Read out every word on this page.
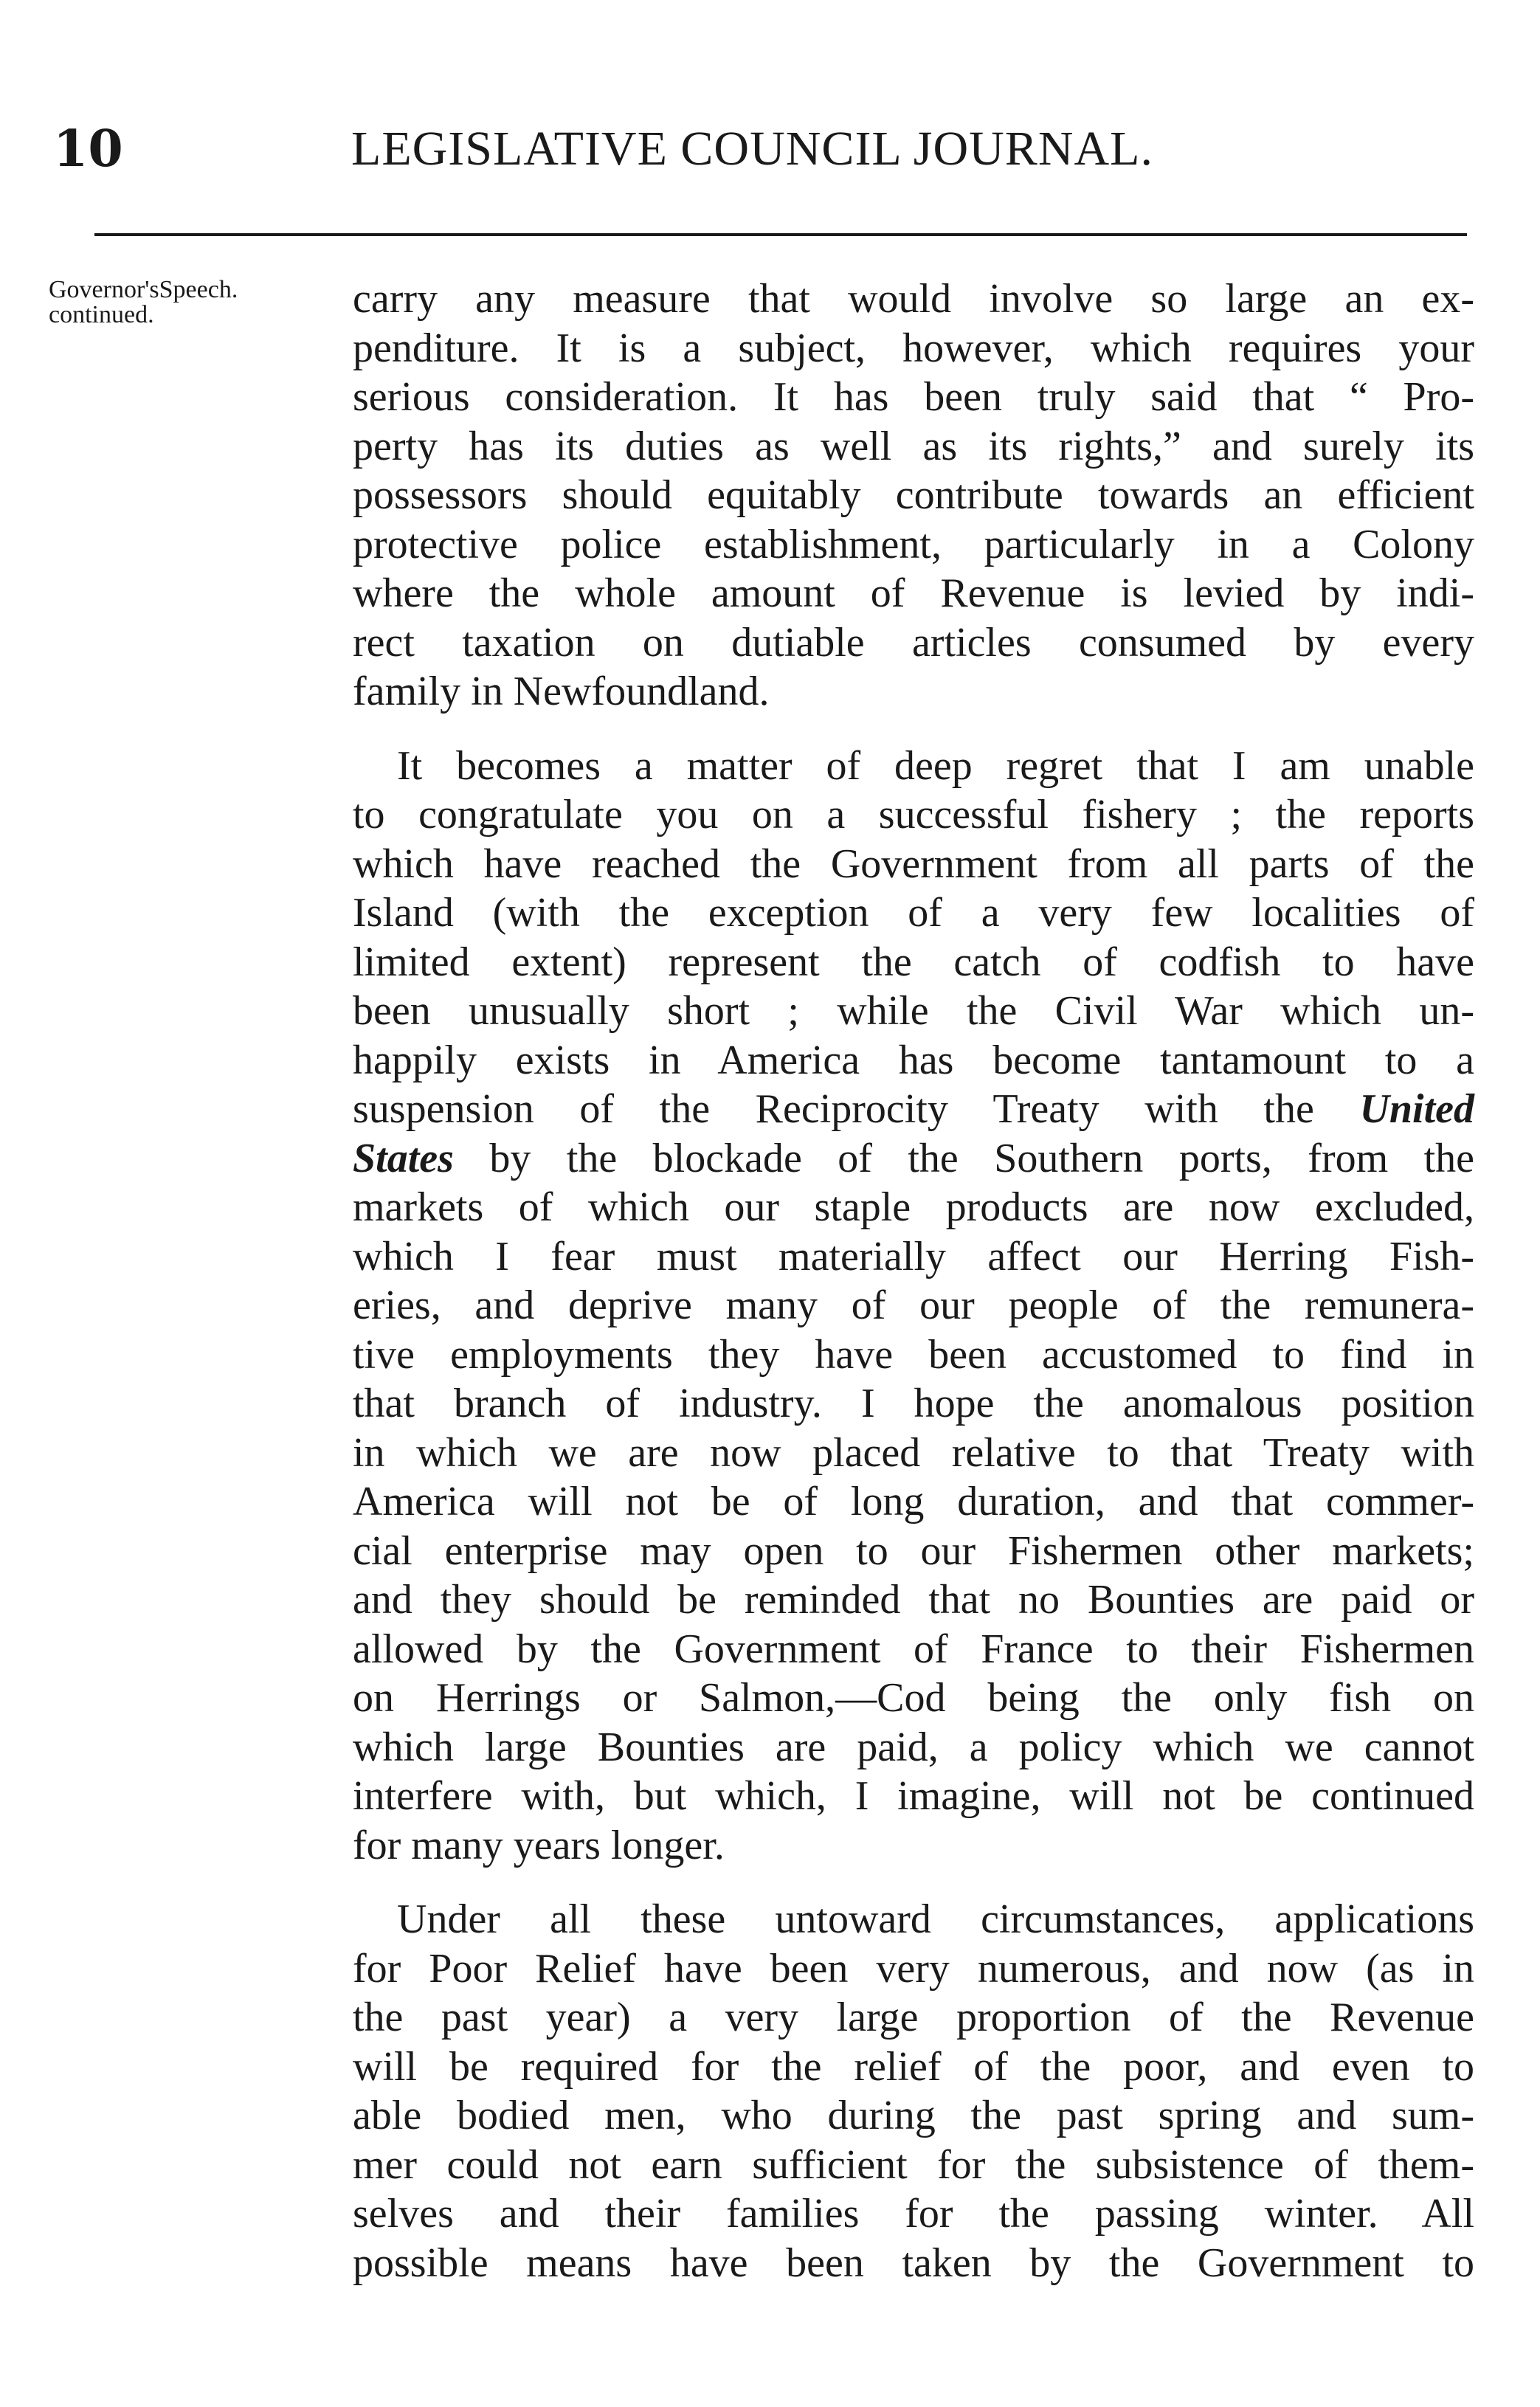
10	LEGISLATIVE COUNCIL JOURNAL.
Governor'sSpeech.
continued.	carry any measure that would involve so large an ex-
penditure. It is a subject, however, which requires your
serious consideration. It has been truly said that “ Pro-
perty has its duties as well as its rights,” and surely its
possessors should equitably contribute towards an efficient
protective police establishment, particularly in a Colony
where the whole amount of Revenue is levied by indi-
rect taxation on dutiable articles consumed by every
family in Newfoundland.
It becomes a matter of deep regret that I am unable
to congratulate you on a successful fishery ; the reports
which have reached the Government from all parts of the
Island (with the exception of a very few localities of
limited extent) represent the catch of codfish to have
been unusually short ; while the Civil War which un-
happily exists in America has become tantamount to a
suspension of the Reciprocity Treaty with the United
States by the blockade of the Southern ports, from the
markets of which our staple products are now excluded,
which I fear must materially affect our Herring Fish-
eries, and deprive many of our people of the remunera-
tive employments they have been accustomed to find in
that branch of industry. I hope the anomalous position
in which we are now placed relative to that Treaty with
America will not be of long duration, and that commer-
cial enterprise may open to our Fishermen other markets;
and they should be reminded that no Bounties are paid or
allowed by the Government of France to their Fishermen
on Herrings or Salmon,—Cod being the only fish on
which large Bounties are paid, a policy which we cannot
interfere with, but which, I imagine, will not be continued
for many years longer.
Under all these untoward circumstances, applications
for Poor Relief have been very numerous, and now (as in
the past year) a very large proportion of the Revenue
will be required for the relief of the poor, and even to
able bodied men, who during the past spring and sum-
mer could not earn sufficient for the subsistence of them-
selves and their families for the passing winter. All
possible means have been taken by the Government to
